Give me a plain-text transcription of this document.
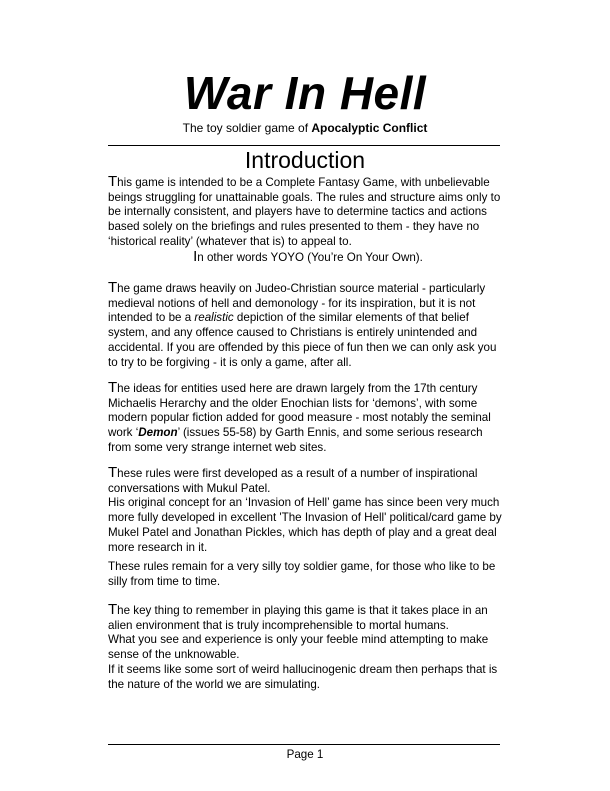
War In Hell
The toy soldier game of Apocalyptic Conflict
Introduction
This game is intended to be a Complete Fantasy Game, with unbelievable beings struggling for unattainable goals. The rules and structure aims only to be internally consistent, and players have to determine tactics and actions based solely on the briefings and rules presented to them - they have no ‘historical reality’ (whatever that is) to appeal to.
In other words YOYO (You’re On Your Own).
The game draws heavily on Judeo-Christian source material - particularly medieval notions of hell and demonology - for its inspiration, but it is not intended to be a realistic depiction of the similar elements of that belief system, and any offence caused to Christians is entirely unintended and accidental. If you are offended by this piece of fun then we can only ask you to try to be forgiving - it is only a game, after all.
The ideas for entities used here are drawn largely from the 17th century Michaelis Herarchy and the older Enochian lists for ‘demons’, with some modern popular fiction added for good measure - most notably the seminal work ‘Demon’ (issues 55-58) by Garth Ennis, and some serious research from some very strange internet web sites.
These rules were first developed as a result of a number of inspirational conversations with Mukul Patel.
His original concept for an ‘Invasion of Hell’ game has since been very much more fully developed in excellent 'The Invasion of Hell' political/card game by Mukel Patel and Jonathan Pickles, which has depth of play and a great deal more research in it.
These rules remain for a very silly toy soldier game, for those who like to be silly from time to time.
The key thing to remember in playing this game is that it takes place in an alien environment that is truly incomprehensible to mortal humans.
What you see and experience is only your feeble mind attempting to make sense of the unknowable.
If it seems like some sort of weird hallucinogenic dream then perhaps that is the nature of the world we are simulating.
Page 1
